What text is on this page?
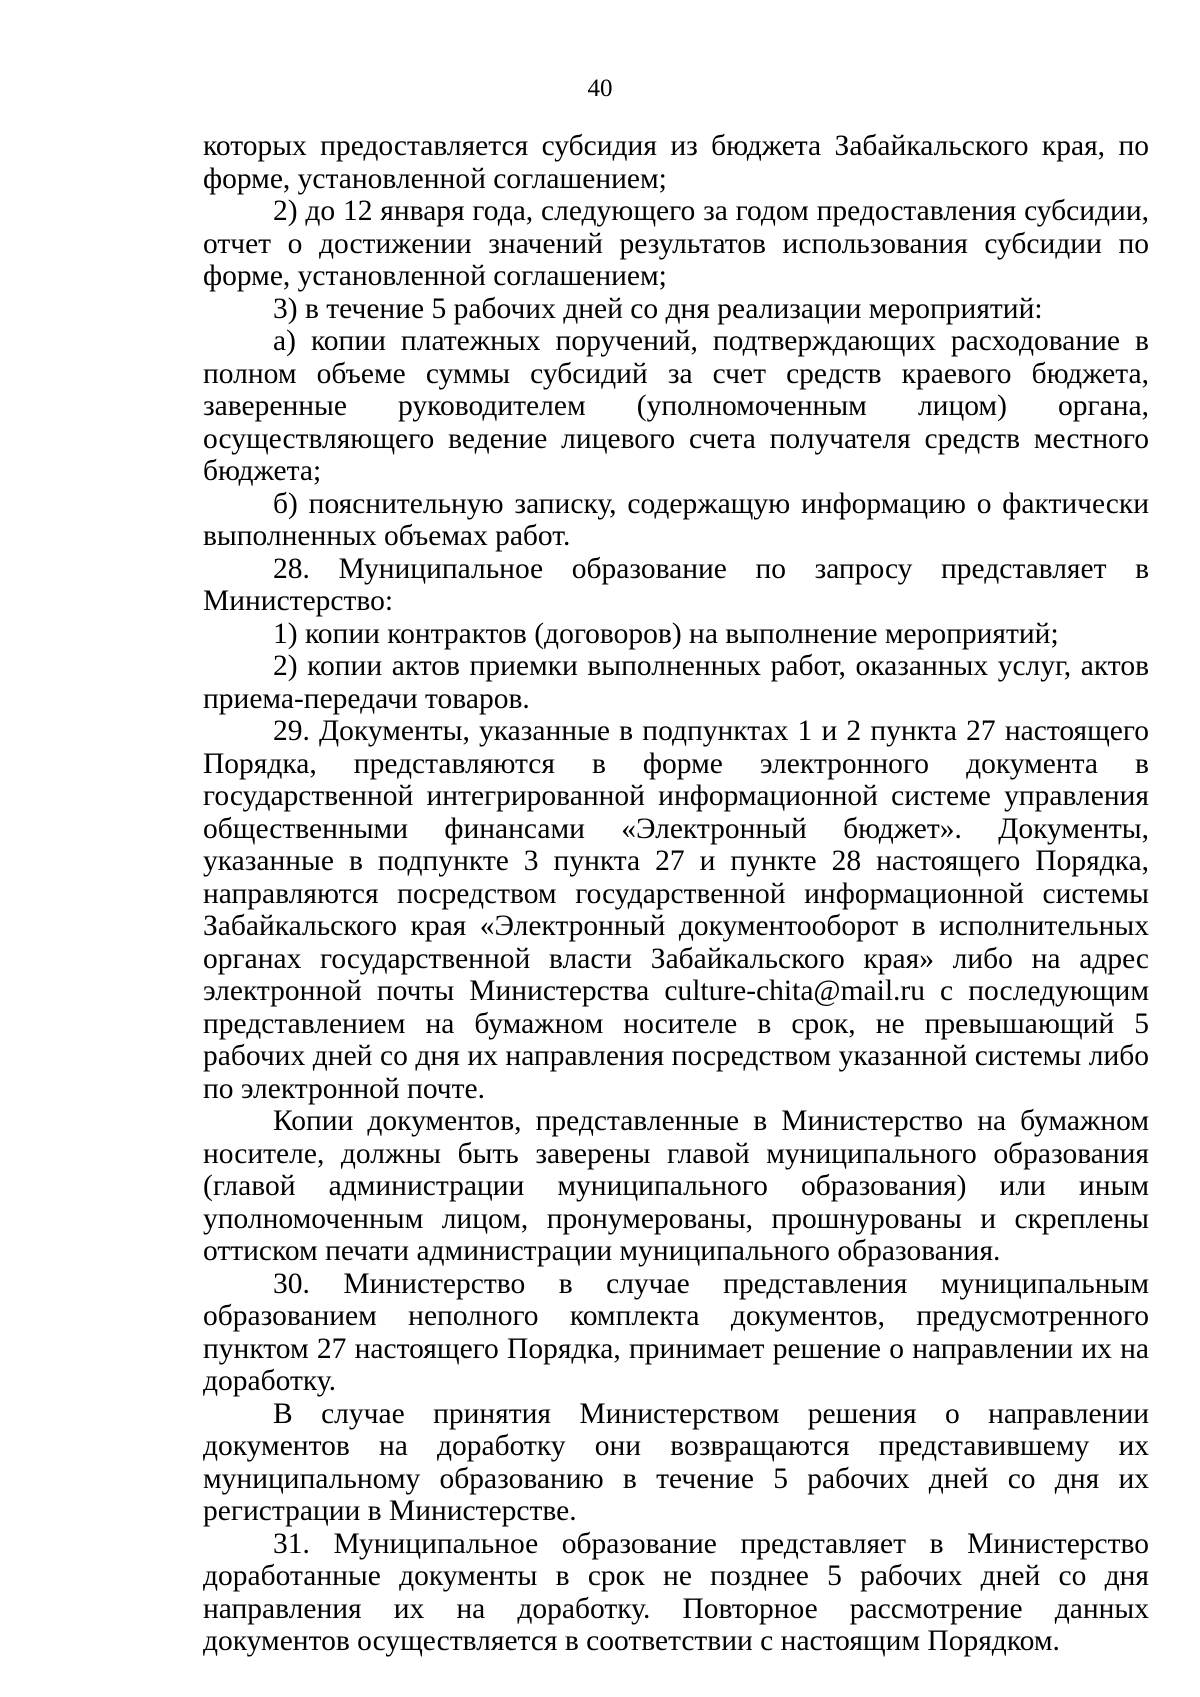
40

которых предоставляется субсидия из бюджета Забайкальского края, по форме, установленной соглашением;

2) до 12 января года, следующего за годом предоставления субсидии, отчет о достижении значений результатов использования субсидии по форме, установленной соглашением;

3) в течение 5 рабочих дней со дня реализации мероприятий:

а) копии платежных поручений, подтверждающих расходование в полном объеме суммы субсидий за счет средств краевого бюджета, заверенные руководителем (уполномоченным лицом) органа, осуществляющего ведение лицевого счета получателя средств местного бюджета;

б) пояснительную записку, содержащую информацию о фактически выполненных объемах работ.

28. Муниципальное образование по запросу представляет в Министерство:

1) копии контрактов (договоров) на выполнение мероприятий;

2) копии актов приемки выполненных работ, оказанных услуг, актов приема-передачи товаров.

29. Документы, указанные в подпунктах 1 и 2 пункта 27 настоящего Порядка, представляются в форме электронного документа в государственной интегрированной информационной системе управления общественными финансами «Электронный бюджет». Документы, указанные в подпункте 3 пункта 27 и пункте 28 настоящего Порядка, направляются посредством государственной информационной системы Забайкальского края «Электронный документооборот в исполнительных органах государственной власти Забайкальского края» либо на адрес электронной почты Министерства culture-chita@mail.ru с последующим представлением на бумажном носителе в срок, не превышающий 5 рабочих дней со дня их направления посредством указанной системы либо по электронной почте.

Копии документов, представленные в Министерство на бумажном носителе, должны быть заверены главой муниципального образования (главой администрации муниципального образования) или иным уполномоченным лицом, пронумерованы, прошнурованы и скреплены оттиском печати администрации муниципального образования.

30. Министерство в случае представления муниципальным образованием неполного комплекта документов, предусмотренного пунктом 27 настоящего Порядка, принимает решение о направлении их на доработку.

В случае принятия Министерством решения о направлении документов на доработку они возвращаются представившему их муниципальному образованию в течение 5 рабочих дней со дня их регистрации в Министерстве.

31. Муниципальное образование представляет в Министерство доработанные документы в срок не позднее 5 рабочих дней со дня направления их на доработку. Повторное рассмотрение данных документов осуществляется в соответствии с настоящим Порядком.
